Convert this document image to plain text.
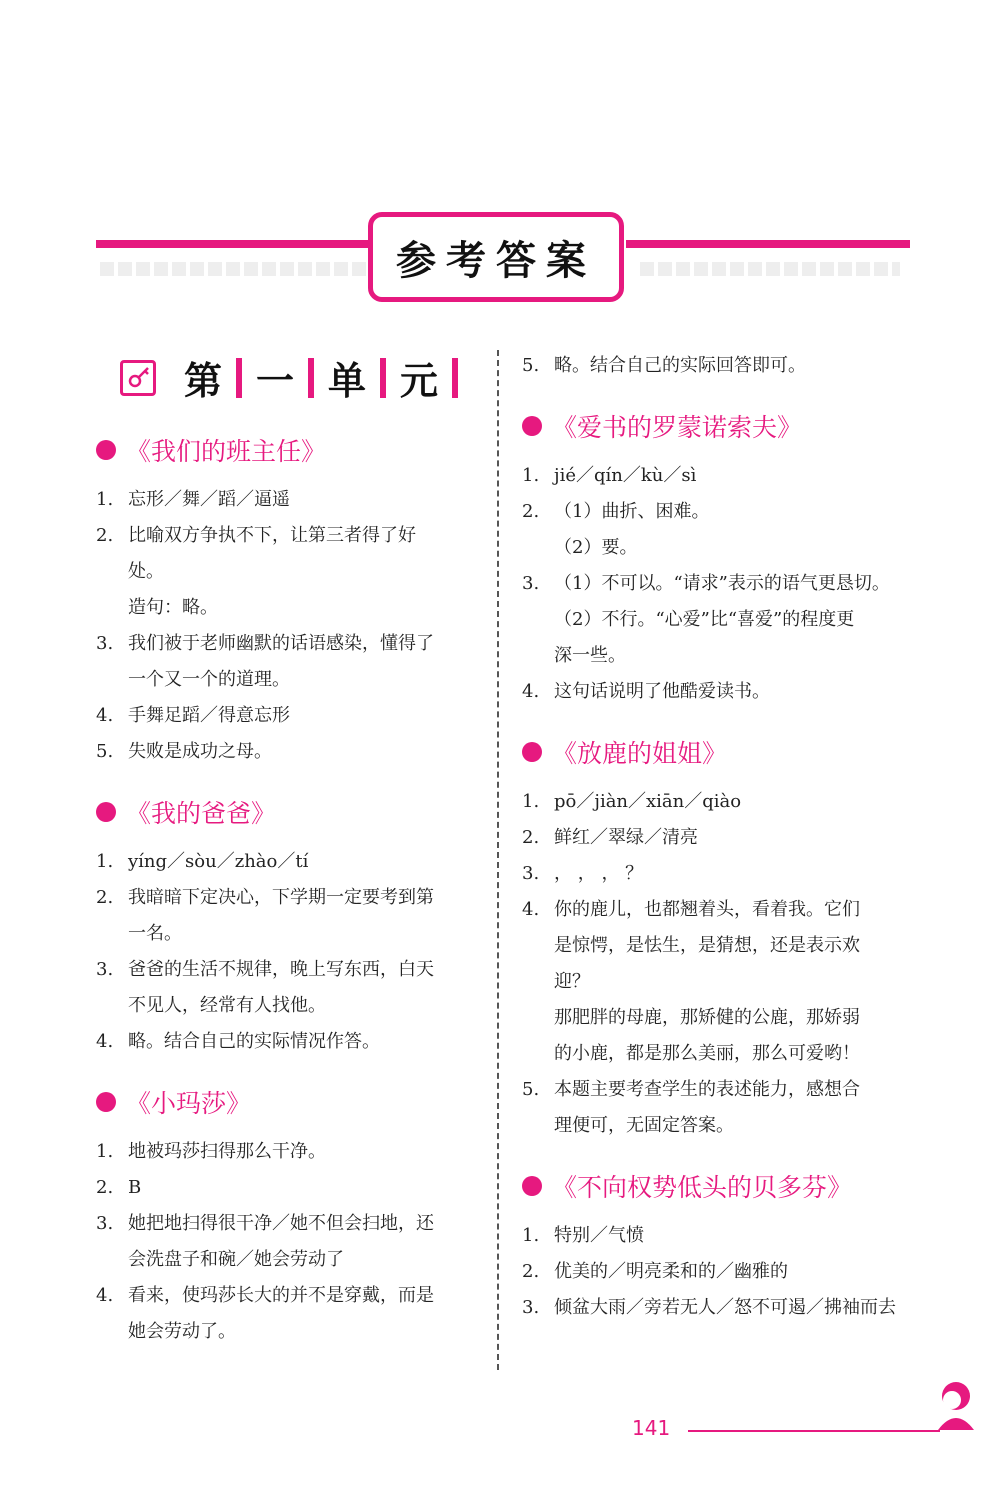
参考答案
第 一 单 元
《我们的班主任》
1. 忘形／舞／蹈／逼遥
2. 比喻双方争执不下，让第三者得了好
处。
造句：略。
3. 我们被于老师幽默的话语感染，懂得了
一个又一个的道理。
4. 手舞足蹈／得意忘形
5. 失败是成功之母。
《我的爸爸》
1. yíng／sòu／zhào／tí
2. 我暗暗下定决心，下学期一定要考到第
一名。
3. 爸爸的生活不规律，晚上写东西，白天
不见人，经常有人找他。
4. 略。结合自己的实际情况作答。
《小玛莎》
1. 地被玛莎扫得那么干净。
2. B
3. 她把地扫得很干净／她不但会扫地，还
会洗盘子和碗／她会劳动了
4. 看来，使玛莎长大的并不是穿戴，而是
她会劳动了。
5. 略。结合自己的实际回答即可。
《爱书的罗蒙诺索夫》
1. jié／qín／kù／sì
2. （1）曲折、困难。
（2）要。
3. （1）不可以。“请求”表示的语气更恳切。
（2）不行。“心爱”比“喜爱”的程度更
深一些。
4. 这句话说明了他酷爱读书。
《放鹿的姐姐》
1. pō／jiàn／xiān／qiào
2. 鲜红／翠绿／清亮
3. ， ， ， ？
4. 你的鹿儿，也都翘着头，看着我。它们
是惊愕，是怯生，是猜想，还是表示欢
迎？
那肥胖的母鹿，那矫健的公鹿，那娇弱
的小鹿，都是那么美丽，那么可爱哟！
5. 本题主要考查学生的表述能力，感想合
理便可，无固定答案。
《不向权势低头的贝多芬》
1. 特别／气愤
2. 优美的／明亮柔和的／幽雅的
3. 倾盆大雨／旁若无人／怒不可遏／拂袖而去
141
